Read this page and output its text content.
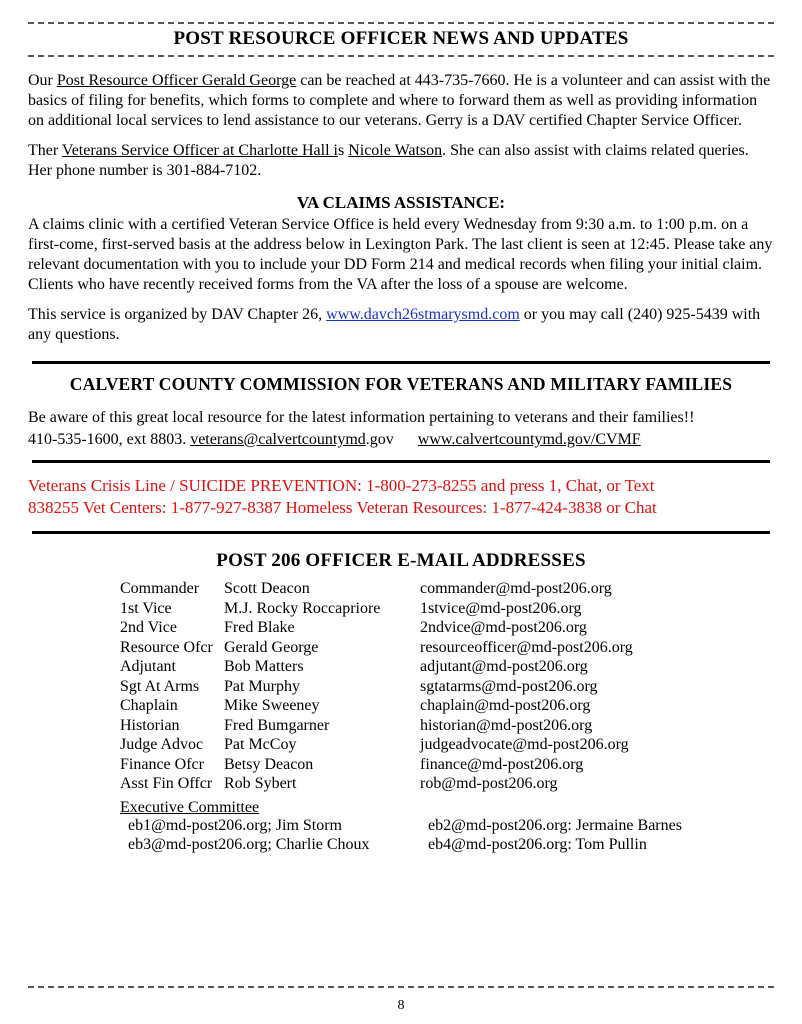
POST RESOURCE OFFICER NEWS AND UPDATES

Our Post Resource Officer Gerald George can be reached at 443-735-7660. He is a volunteer and can assist with the basics of filing for benefits, which forms to complete and where to forward them as well as providing information on additional local services to lend assistance to our veterans. Gerry is a DAV certified Chapter Service Officer.

Ther Veterans Service Officer at Charlotte Hall is Nicole Watson. She can also assist with claims related queries. Her phone number is 301-884-7102.

VA CLAIMS ASSISTANCE:

A claims clinic with a certified Veteran Service Office is held every Wednesday from 9:30 a.m. to 1:00 p.m. on a first-come, first-served basis at the address below in Lexington Park. The last client is seen at 12:45. Please take any relevant documentation with you to include your DD Form 214 and medical records when filing your initial claim. Clients who have recently received forms from the VA after the loss of a spouse are welcome.

This service is organized by DAV Chapter 26, www.davch26stmarysmd.com or you may call (240) 925-5439 with any questions.

CALVERT COUNTY COMMISSION FOR VETERANS AND MILITARY FAMILIES

Be aware of this great local resource for the latest information pertaining to veterans and their families!!

410-535-1600, ext 8803. veterans@calvertcountymd.gov www.calvertcountymd.gov/CVMF

Veterans Crisis Line / SUICIDE PREVENTION: 1-800-273-8255 and press 1, Chat, or Text
838255 Vet Centers: 1-877-927-8387 Homeless Veteran Resources: 1-877-424-3838 or Chat
POST 206 OFFICER E-MAIL ADDRESSES
Commander	Scott Deacon	commander@md-post206.org
1st Vice	M.J. Rocky Roccapriore	1stvice@md-post206.org
2nd Vice	Fred Blake	2ndvice@md-post206.org
Resource Ofcr	Gerald George	resourceofficer@md-post206.org
Adjutant	Bob Matters	adjutant@md-post206.org
Sgt At Arms	Pat Murphy	sgtatarms@md-post206.org
Chaplain	Mike Sweeney	chaplain@md-post206.org
Historian	Fred Bumgarner	historian@md-post206.org
Judge Advoc	Pat McCoy	judgeadvocate@md-post206.org
Finance Ofcr	Betsy Deacon	finance@md-post206.org
Asst Fin Offcr	Rob Sybert	rob@md-post206.org
Executive Committee
eb1@md-post206.org; Jim Storm	eb2@md-post206.org: Jermaine Barnes
eb3@md-post206.org; Charlie Choux	eb4@md-post206.org: Tom Pullin
8
